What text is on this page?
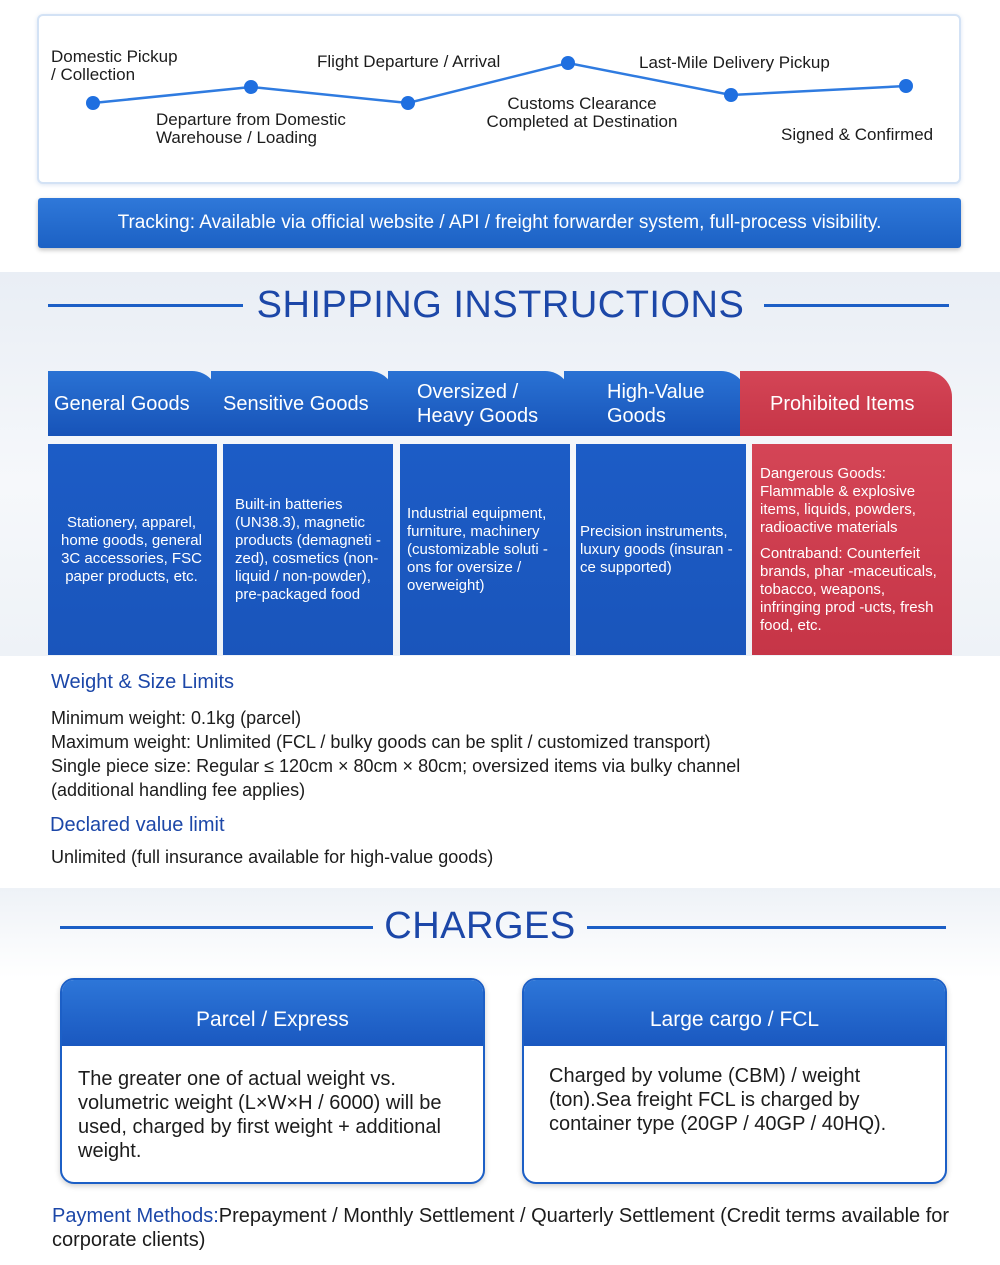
Domestic Pickup
/ Collection
Departure from Domestic
Warehouse / Loading
Flight Departure / Arrival
Customs Clearance
Completed at Destination
Last-Mile Delivery Pickup
Signed & Confirmed
Tracking: Available via official website / API / freight forwarder system, full-process visibility.
SHIPPING INSTRUCTIONS
General Goods	Sensitive Goods
Oversized / Heavy Goods
High-Value Goods
Prohibited Items
Stationery, apparel, home goods, general 3C accessories, FSC paper products, etc.
Built-in batteries (UN38.3), magnetic products (demagneti -zed), cosmetics (non-liquid / non-powder), pre-packaged food
Industrial equipment, furniture, machinery (customizable soluti -ons for oversize / overweight)
Precision instruments, luxury goods (insuran -ce supported)
Dangerous Goods: Flammable & explosive items, liquids, powders, radioactive materials
Contraband: Counterfeit brands, phar -maceuticals, tobacco, weapons, infringing prod -ucts, fresh food, etc.
Weight & Size Limits
Minimum weight: 0.1kg (parcel)
Maximum weight: Unlimited (FCL / bulky goods can be split / customized transport)
Single piece size: Regular ≤ 120cm × 80cm × 80cm; oversized items via bulky channel
(additional handling fee applies)
Declared value limit
Unlimited (full insurance available for high-value goods)
CHARGES
Parcel / Express
The greater one of actual weight vs. volumetric weight (L×W×H / 6000) will be used, charged by first weight + additional weight.
Large cargo / FCL
Charged by volume (CBM) / weight (ton).Sea freight FCL is charged by container type (20GP / 40GP / 40HQ).
Payment Methods:Prepayment / Monthly Settlement / Quarterly Settlement (Credit terms available for corporate clients)
